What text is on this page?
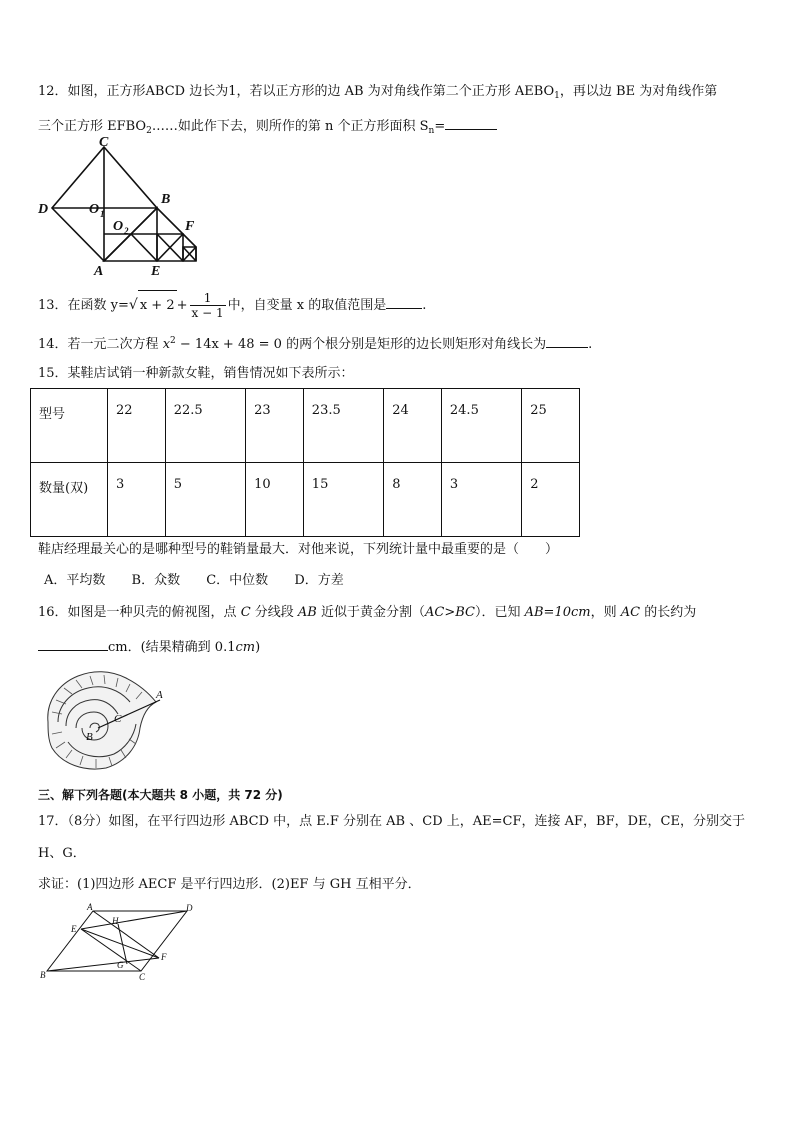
12．如图，正方形ABCD 边长为1，若以正方形的边 AB 为对角线作第二个正方形 $AEBO_1$，再以边 BE 为对角线作第
三个正方形 $EFBO_2\dots\dots$如此作下去，则所作的第 n 个正方形面积 $S_n=$
C
D
B
O 1
O 2	F
A	E
13．在函数 y=√ $x + 2 + \frac{1}{x - 1}$ 中，自变量 x 的取值范围是	.
14．若一元二次方程 $x^2 - 14x + 48 = 0$ 的两个根分别是矩形的边长则矩形对角线长为	.
15．某鞋店试销一种新款女鞋，销售情况如下表所示：
型号	22	22.5	23	23.5	24	24.5	25
数量(双)	3	5	10	15	8	3	2
鞋店经理最关心的是哪种型号的鞋销量最大．对他来说，下列统计量中最重要的是（　　）
A．平均数 B．众数 C．中位数 D．方差
16．如图是一种贝壳的俯视图，点 C 分线段 AB 近似于黄金分割（AC>BC）．已知 AB=10cm，则 AC 的长约为
cm．(结果精确到 0.1cm)
A
B
C
三、解下列各题(本大题共 8 小题，共 72 分)
17．（8分）如图，在平行四边形 ABCD 中，点 E.F 分别在 AB 、CD 上，AE=CF，连接 AF，BF，DE，CE，分别交于
H、G．
求证：(1)四边形 AECF 是平行四边形．(2)EF 与 GH 互相平分．
A	D
H
E
G
F
B	C
